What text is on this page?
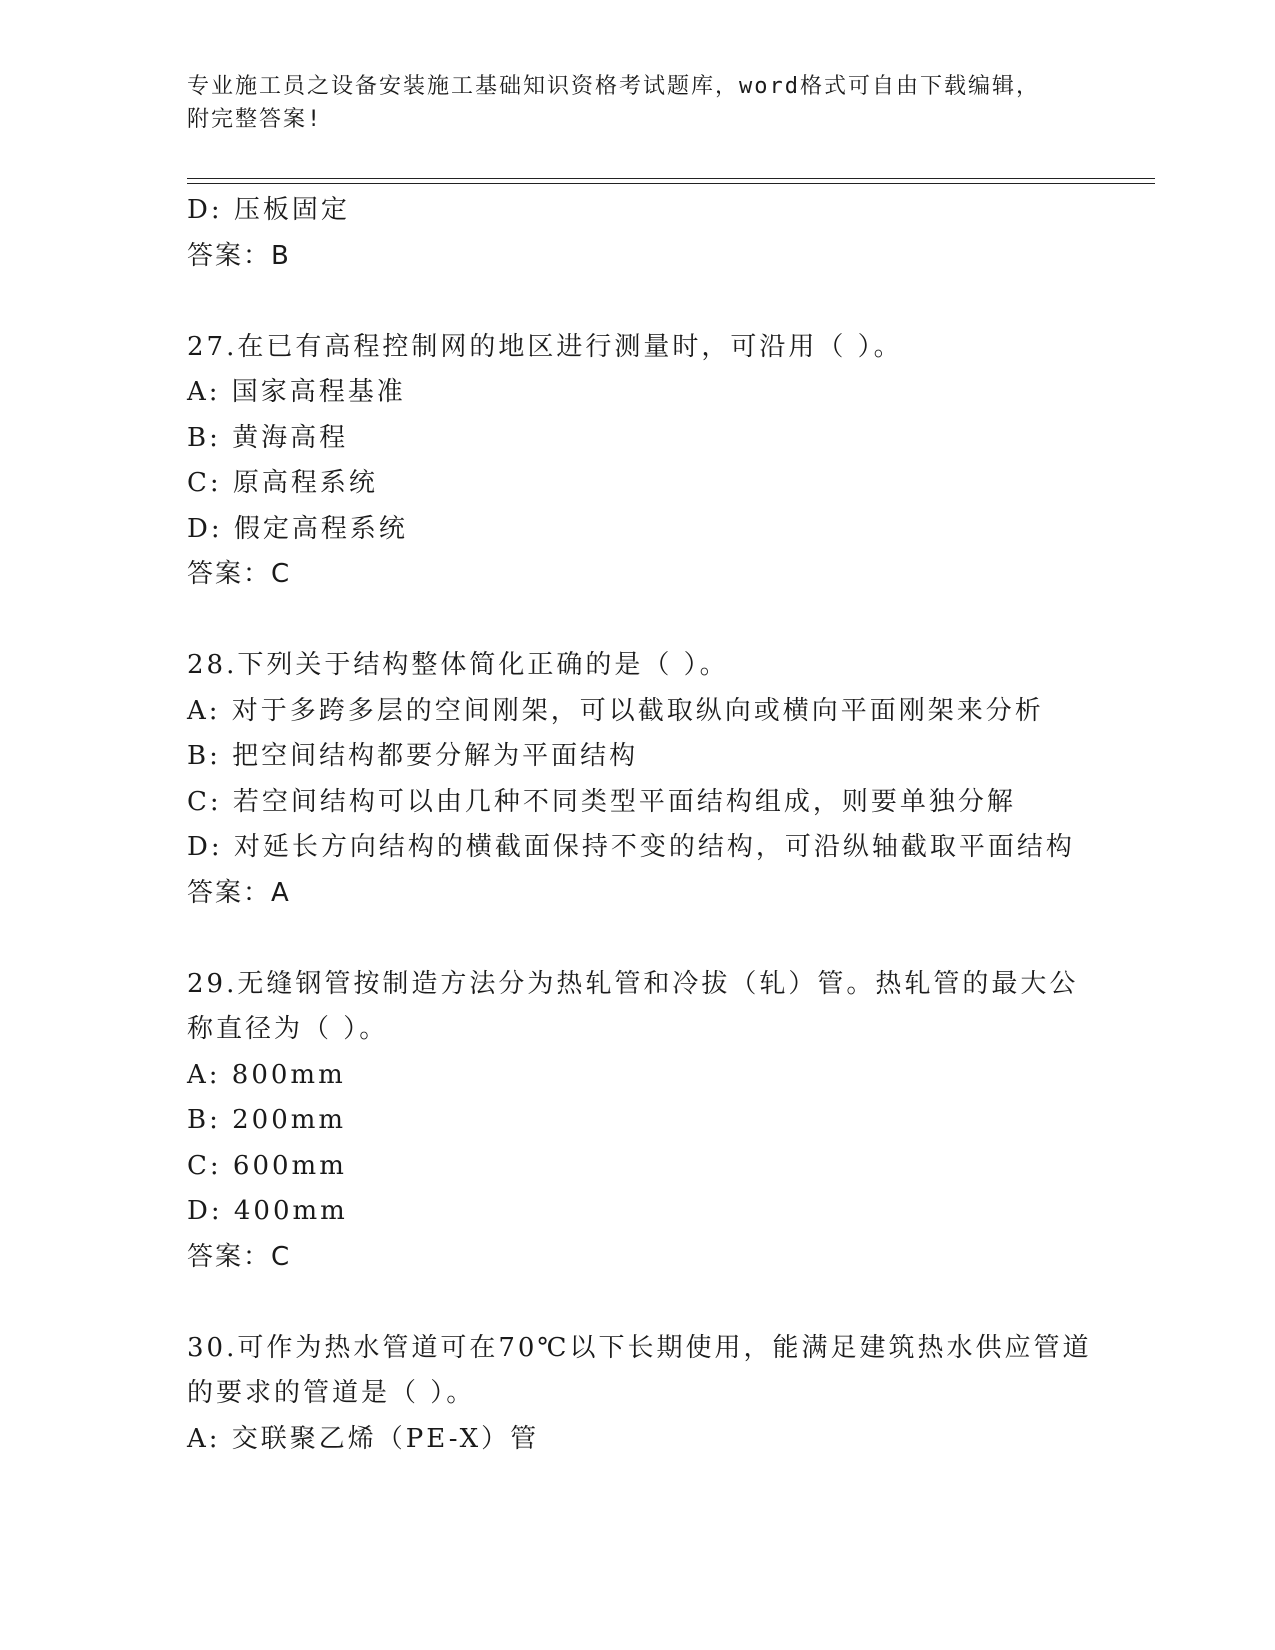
专业施工员之设备安装施工基础知识资格考试题库，word格式可自由下载编辑，
附完整答案!
D: 压板固定
答案：B
27.在已有高程控制网的地区进行测量时，可沿用（ ）。
A: 国家高程基准
B: 黄海高程
C: 原高程系统
D: 假定高程系统
答案：C
28.下列关于结构整体简化正确的是（ ）。
A: 对于多跨多层的空间刚架，可以截取纵向或横向平面刚架来分析
B: 把空间结构都要分解为平面结构
C: 若空间结构可以由几种不同类型平面结构组成，则要单独分解
D: 对延长方向结构的横截面保持不变的结构，可沿纵轴截取平面结构
答案：A
29.无缝钢管按制造方法分为热轧管和冷拔（轧）管。热轧管的最大公
称直径为（ ）。
A: 800mm
B: 200mm
C: 600mm
D: 400mm
答案：C
30.可作为热水管道可在70℃以下长期使用，能满足建筑热水供应管道
的要求的管道是（ ）。
A: 交联聚乙烯（PE-X）管
